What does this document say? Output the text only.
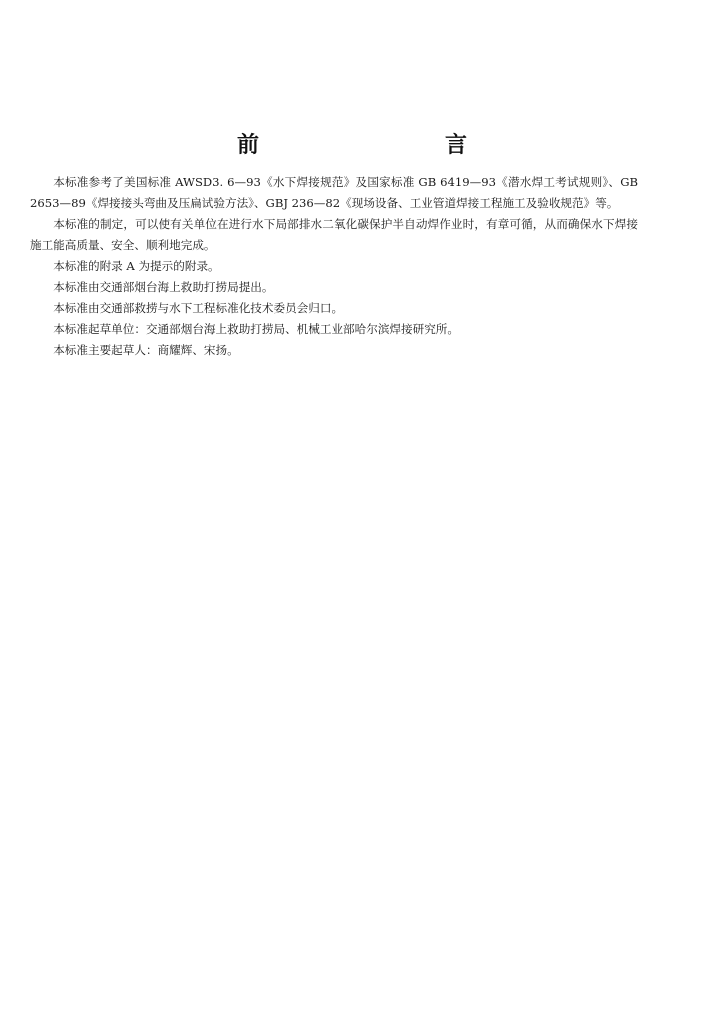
前　言

本标准参考了美国标准 AWSD3. 6—93《水下焊接规范》及国家标准 GB 6419—93《潜水焊工考试规则》、GB 2653—89《焊接接头弯曲及压扁试验方法》、GBJ 236—82《现场设备、工业管道焊接工程施工及验收规范》等。

本标准的制定，可以使有关单位在进行水下局部排水二氧化碳保护半自动焊作业时，有章可循，从而确保水下焊接施工能高质量、安全、顺利地完成。

本标准的附录 A 为提示的附录。

本标准由交通部烟台海上救助打捞局提出。

本标准由交通部救捞与水下工程标准化技术委员会归口。

本标准起草单位：交通部烟台海上救助打捞局、机械工业部哈尔滨焊接研究所。

本标准主要起草人：商耀辉、宋扬。
